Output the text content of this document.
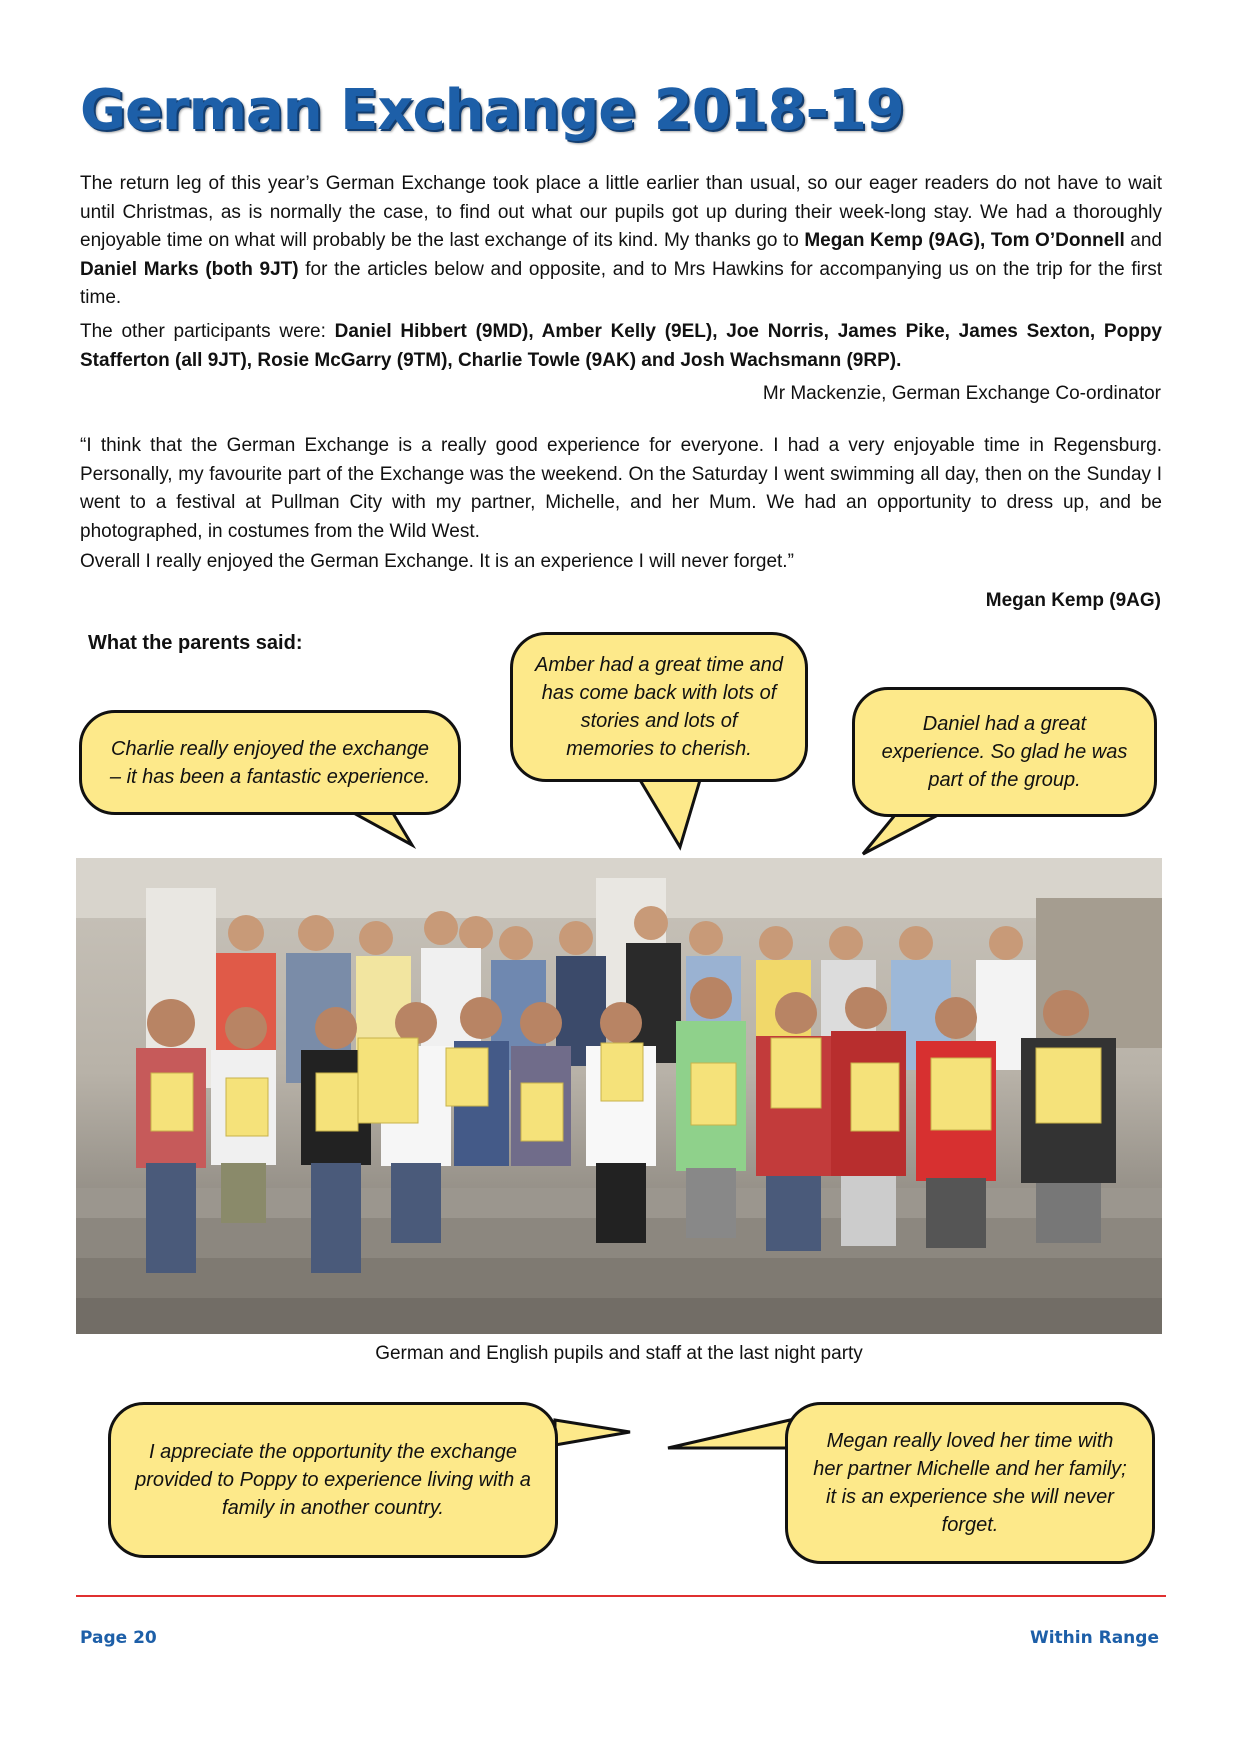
German Exchange 2018-19

The return leg of this year’s German Exchange took place a little earlier than usual, so our eager readers do not have to wait until Christmas, as is normally the case, to find out what our pupils got up during their week-long stay. We had a thoroughly enjoyable time on what will probably be the last exchange of its kind. My thanks go to Megan Kemp (9AG), Tom O’Donnell and Daniel Marks (both 9JT) for the articles below and opposite, and to Mrs Hawkins for accompanying us on the trip for the first time.

The other participants were: Daniel Hibbert (9MD), Amber Kelly (9EL), Joe Norris, James Pike, James Sexton, Poppy Stafferton (all 9JT), Rosie McGarry (9TM), Charlie Towle (9AK) and Josh Wachsmann (9RP).

Mr Mackenzie, German Exchange Co-ordinator

“I think that the German Exchange is a really good experience for everyone. I had a very enjoyable time in Regensburg. Personally, my favourite part of the Exchange was the weekend. On the Saturday I went swimming all day, then on the Sunday I went to a festival at Pullman City with my partner, Michelle, and her Mum. We had an opportunity to dress up, and be photographed, in costumes from the Wild West.

Overall I really enjoyed the German Exchange. It is an experience I will never forget.”

Megan Kemp (9AG)
What the parents said:
Charlie really enjoyed the exchange – it has been a fantastic experience.
Amber had a great time and has come back with lots of stories and lots of memories to cherish.
Daniel had a great experience. So glad he was part of the group.
German and English pupils and staff at the last night party
I appreciate the opportunity the exchange provided to Poppy to experience living with a family in another country.
Megan really loved her time with her partner Michelle and her family; it is an experience she will never forget.
Page 20	Within Range
